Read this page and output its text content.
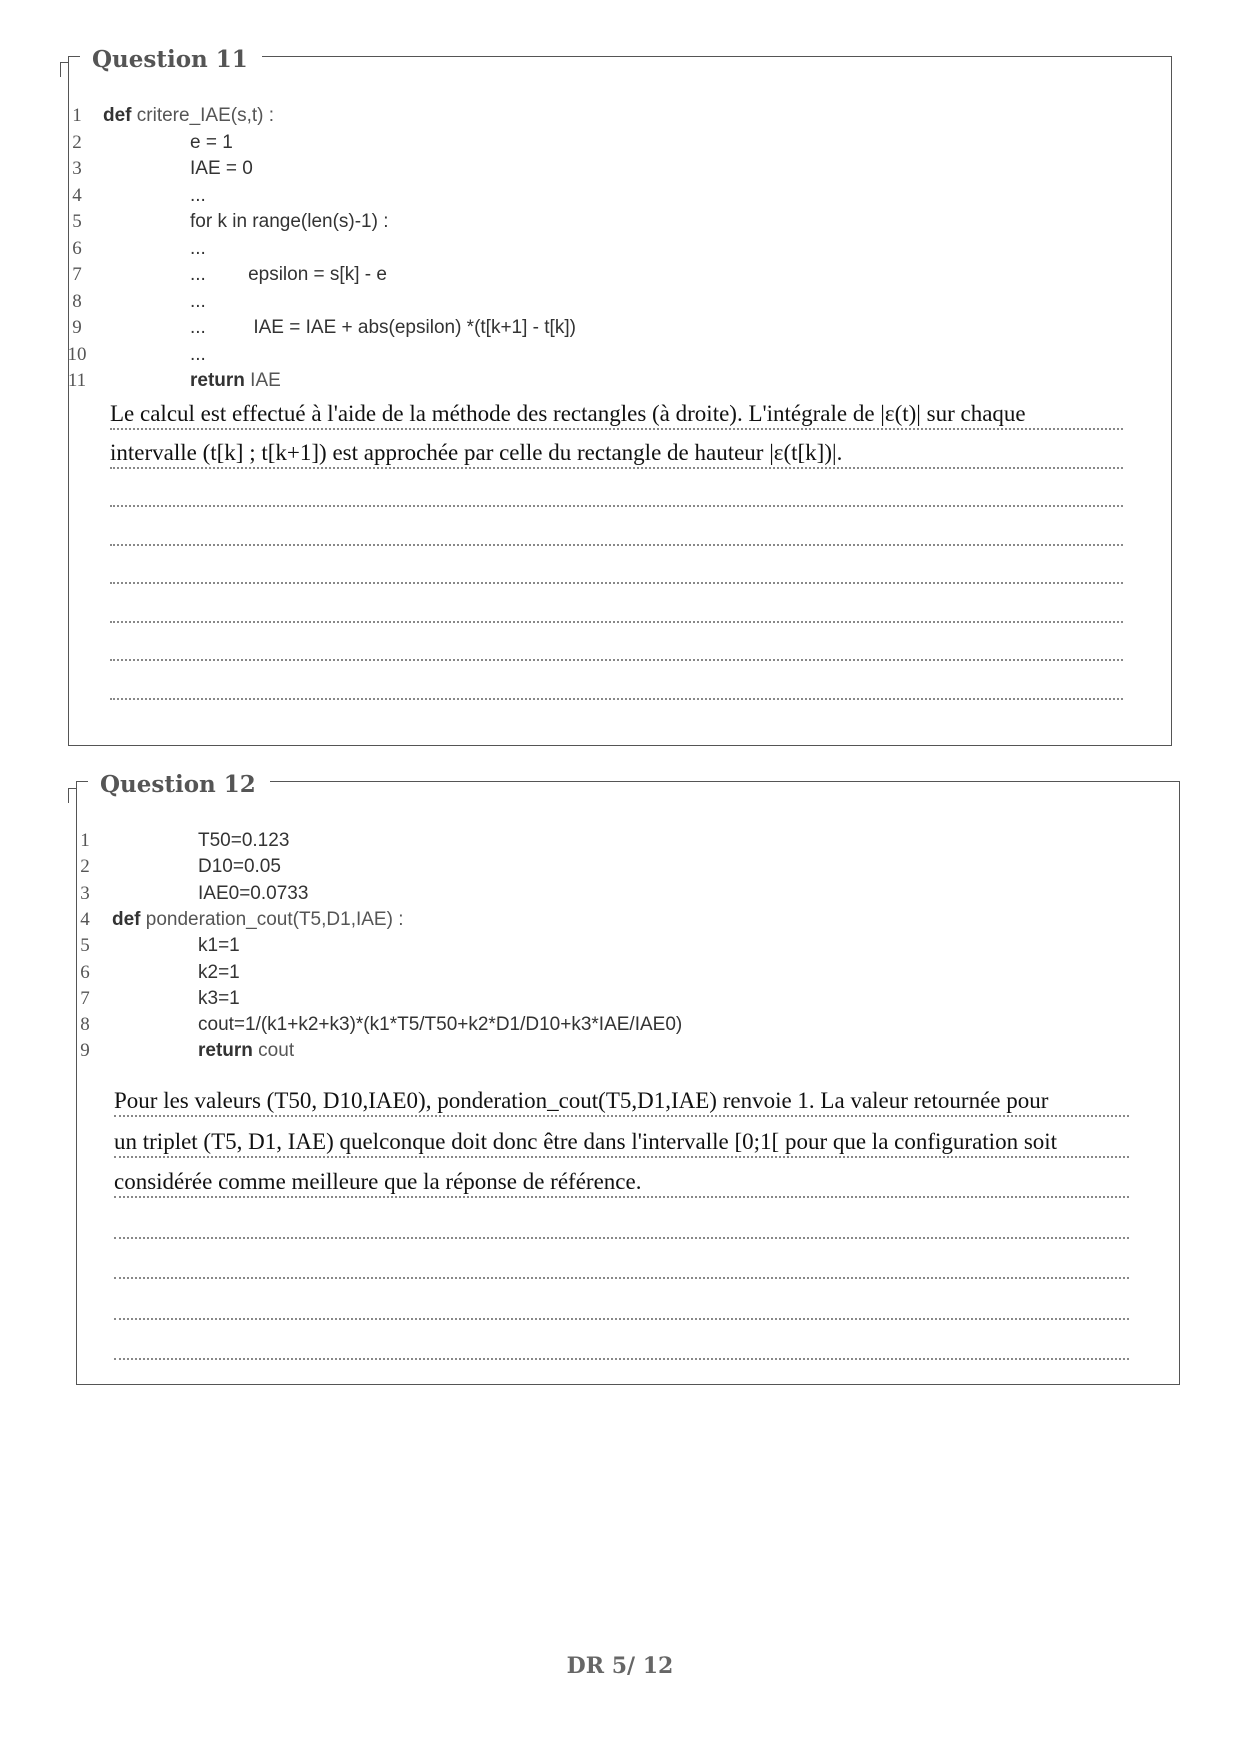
Question 11
1	def critere_IAE(s,t) :
2	e = 1
3	IAE = 0
4	...
5	for k in range(len(s)-1) :
6	...
7	...        epsilon = s[k] - e
8	...
9	...         IAE = IAE + abs(epsilon) *(t[k+1] - t[k])
10	...
11	return IAE
Le calcul est effectué à l'aide de la méthode des rectangles (à droite). L'intégrale de |ε(t)| sur chaque
intervalle (t[k] ; t[k+1]) est approchée par celle du rectangle de hauteur |ε(t[k])|.
Question 12
1	T50=0.123
2	D10=0.05
3	IAE0=0.0733
4	def ponderation_cout(T5,D1,IAE) :
5	k1=1
6	k2=1
7	k3=1
8	cout=1/(k1+k2+k3)*(k1*T5/T50+k2*D1/D10+k3*IAE/IAE0)
9	return cout
Pour les valeurs (T50, D10,IAE0), ponderation_cout(T5,D1,IAE) renvoie 1. La valeur retournée pour
un triplet (T5, D1, IAE) quelconque doit donc être dans l'intervalle [0;1[ pour que la configuration soit
considérée comme meilleure que la réponse de référence.
DR 5/ 12
